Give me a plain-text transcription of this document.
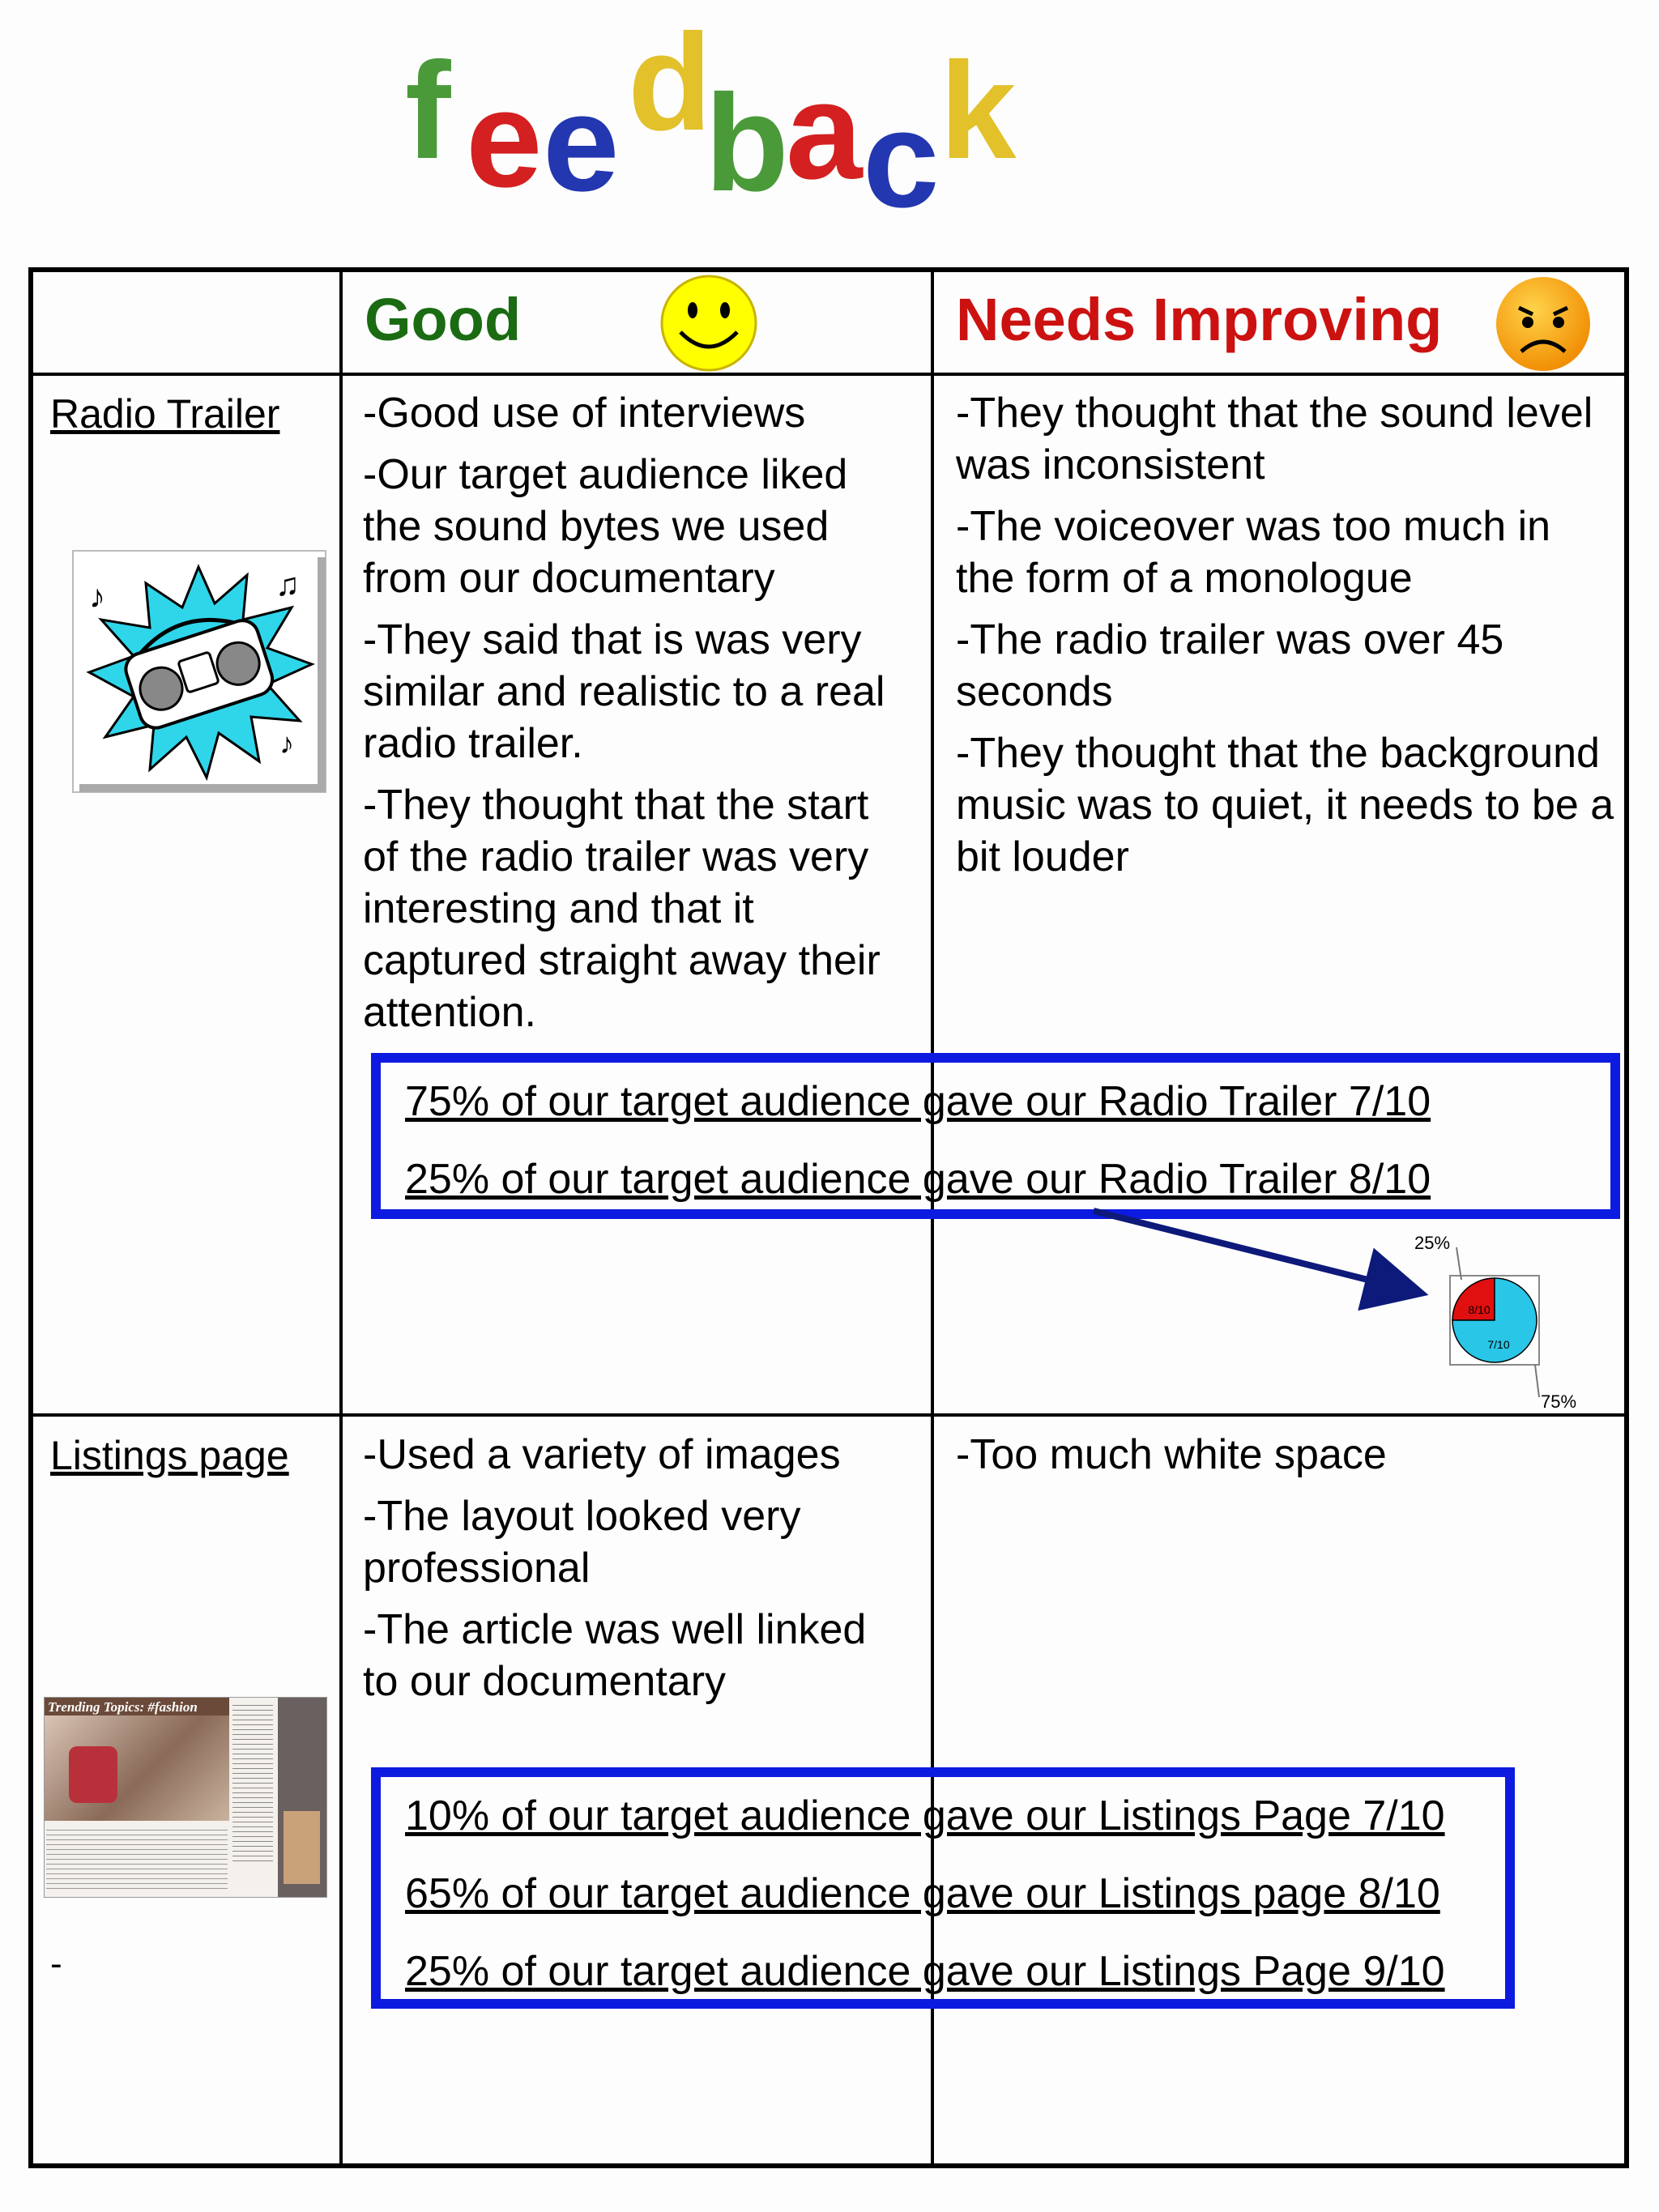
f e e d
b
a c k
Good	Needs Improving
Radio Trailer
♪	♫
♪

-Good use of interviews

-Our target audience liked the sound bytes we used from our documentary

-They said that is was very similar and realistic to a real radio trailer.

-They thought that the start of the radio trailer was very interesting and that it captured straight away their attention.

-They thought that the sound level was inconsistent

-The voiceover was too much in the form of a monologue

-The radio trailer was over 45 seconds

-They thought that the background music was to quiet, it needs to be a bit louder

75% of our target audience gave our Radio Trailer 7/10
25% of our target audience gave our Radio Trailer 8/10
8/10
7/10
25%
75%
Listings page
Trending Topics: #fashion
-

-Used a variety of images

-The layout looked very professional

-The article was well linked to our documentary

-Too much white space

10% of our target audience gave our Listings Page 7/10
65% of our target audience gave our Listings page 8/10
25% of our target audience gave our Listings Page 9/10
